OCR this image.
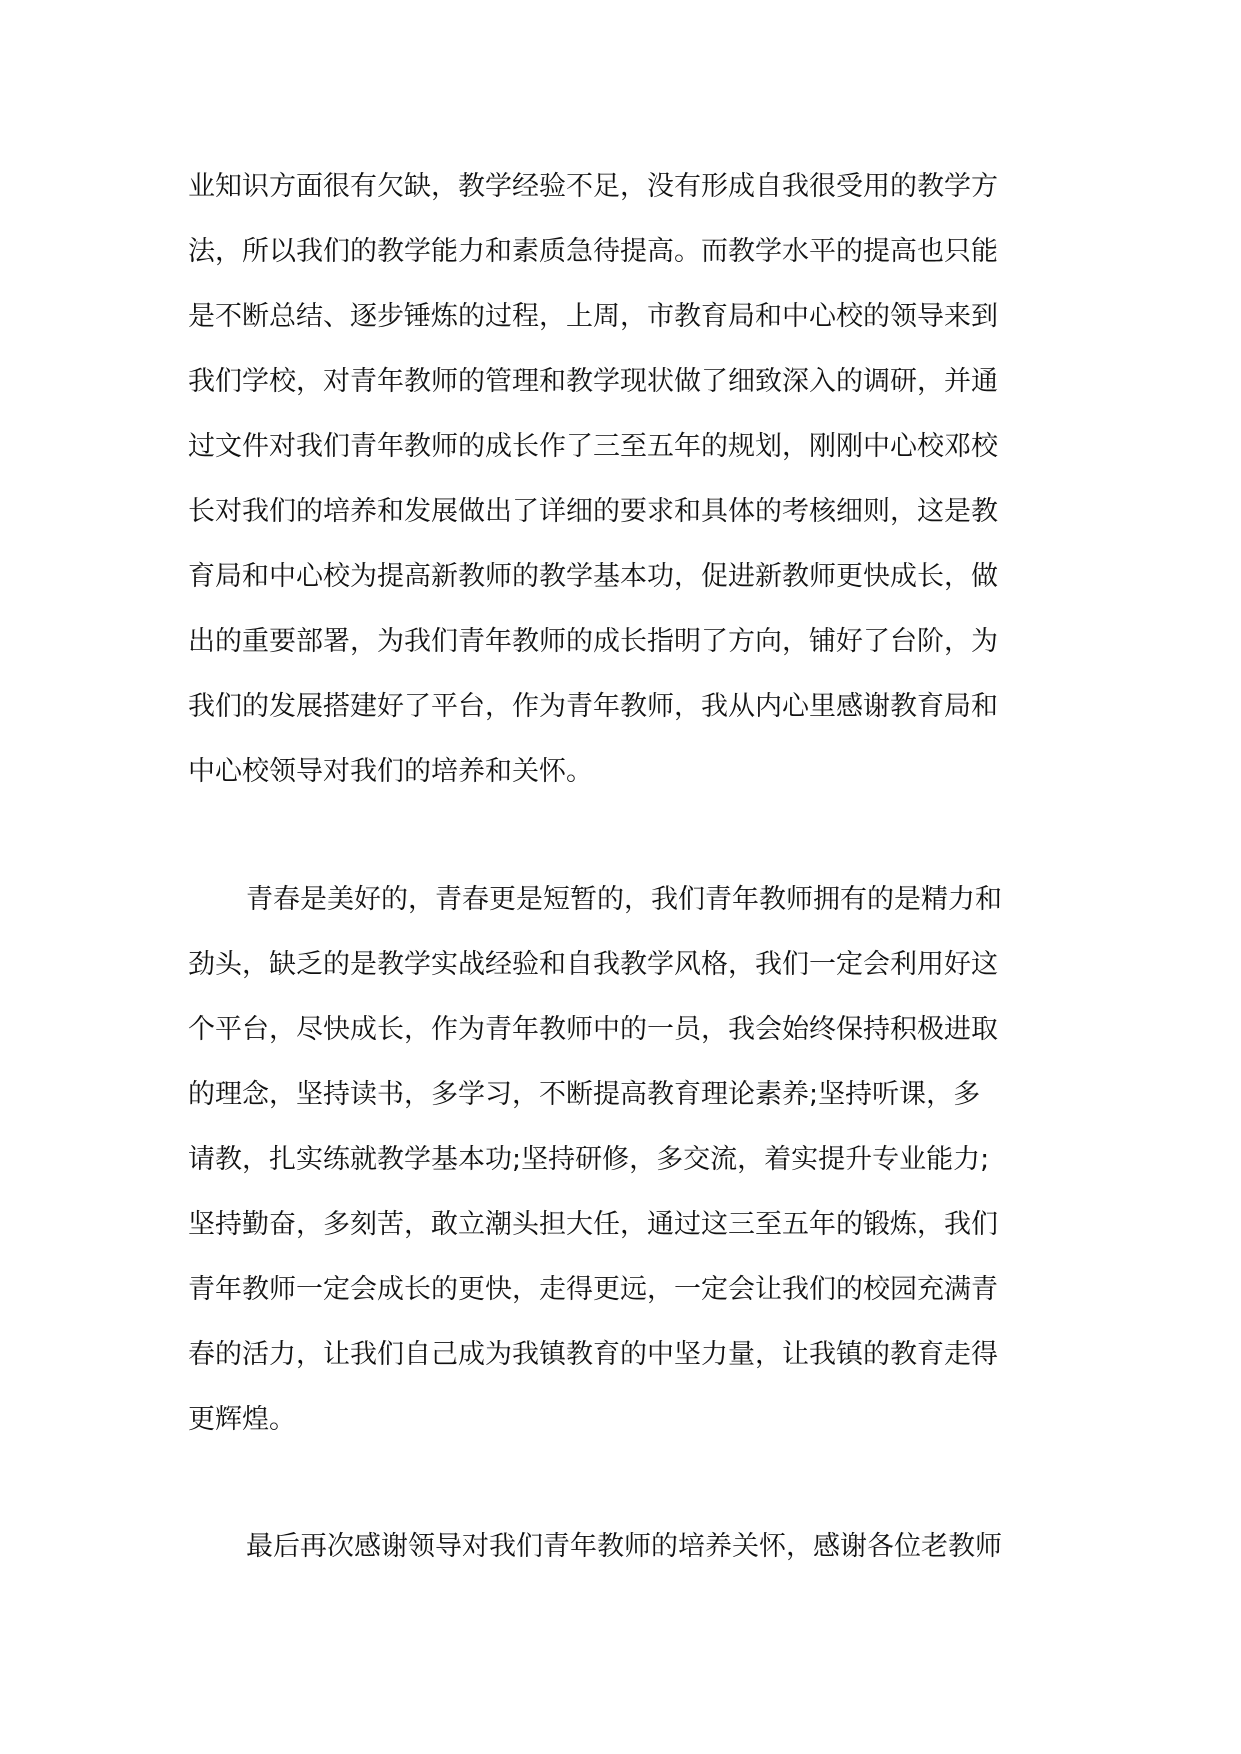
业知识方面很有欠缺，教学经验不足，没有形成自我很受用的教学方
法，所以我们的教学能力和素质急待提高。而教学水平的提高也只能
是不断总结、逐步锤炼的过程，上周，市教育局和中心校的领导来到
我们学校，对青年教师的管理和教学现状做了细致深入的调研，并通
过文件对我们青年教师的成长作了三至五年的规划，刚刚中心校邓校
长对我们的培养和发展做出了详细的要求和具体的考核细则，这是教
育局和中心校为提高新教师的教学基本功，促进新教师更快成长，做
出的重要部署，为我们青年教师的成长指明了方向，铺好了台阶，为
我们的发展搭建好了平台，作为青年教师，我从内心里感谢教育局和
中心校领导对我们的培养和关怀。
青春是美好的，青春更是短暂的，我们青年教师拥有的是精力和
劲头，缺乏的是教学实战经验和自我教学风格，我们一定会利用好这
个平台，尽快成长，作为青年教师中的一员，我会始终保持积极进取
的理念，坚持读书，多学习，不断提高教育理论素养;坚持听课，多
请教，扎实练就教学基本功;坚持研修，多交流，着实提升专业能力;
坚持勤奋，多刻苦，敢立潮头担大任，通过这三至五年的锻炼，我们
青年教师一定会成长的更快，走得更远，一定会让我们的校园充满青
春的活力，让我们自己成为我镇教育的中坚力量，让我镇的教育走得
更辉煌。
最后再次感谢领导对我们青年教师的培养关怀，感谢各位老教师
